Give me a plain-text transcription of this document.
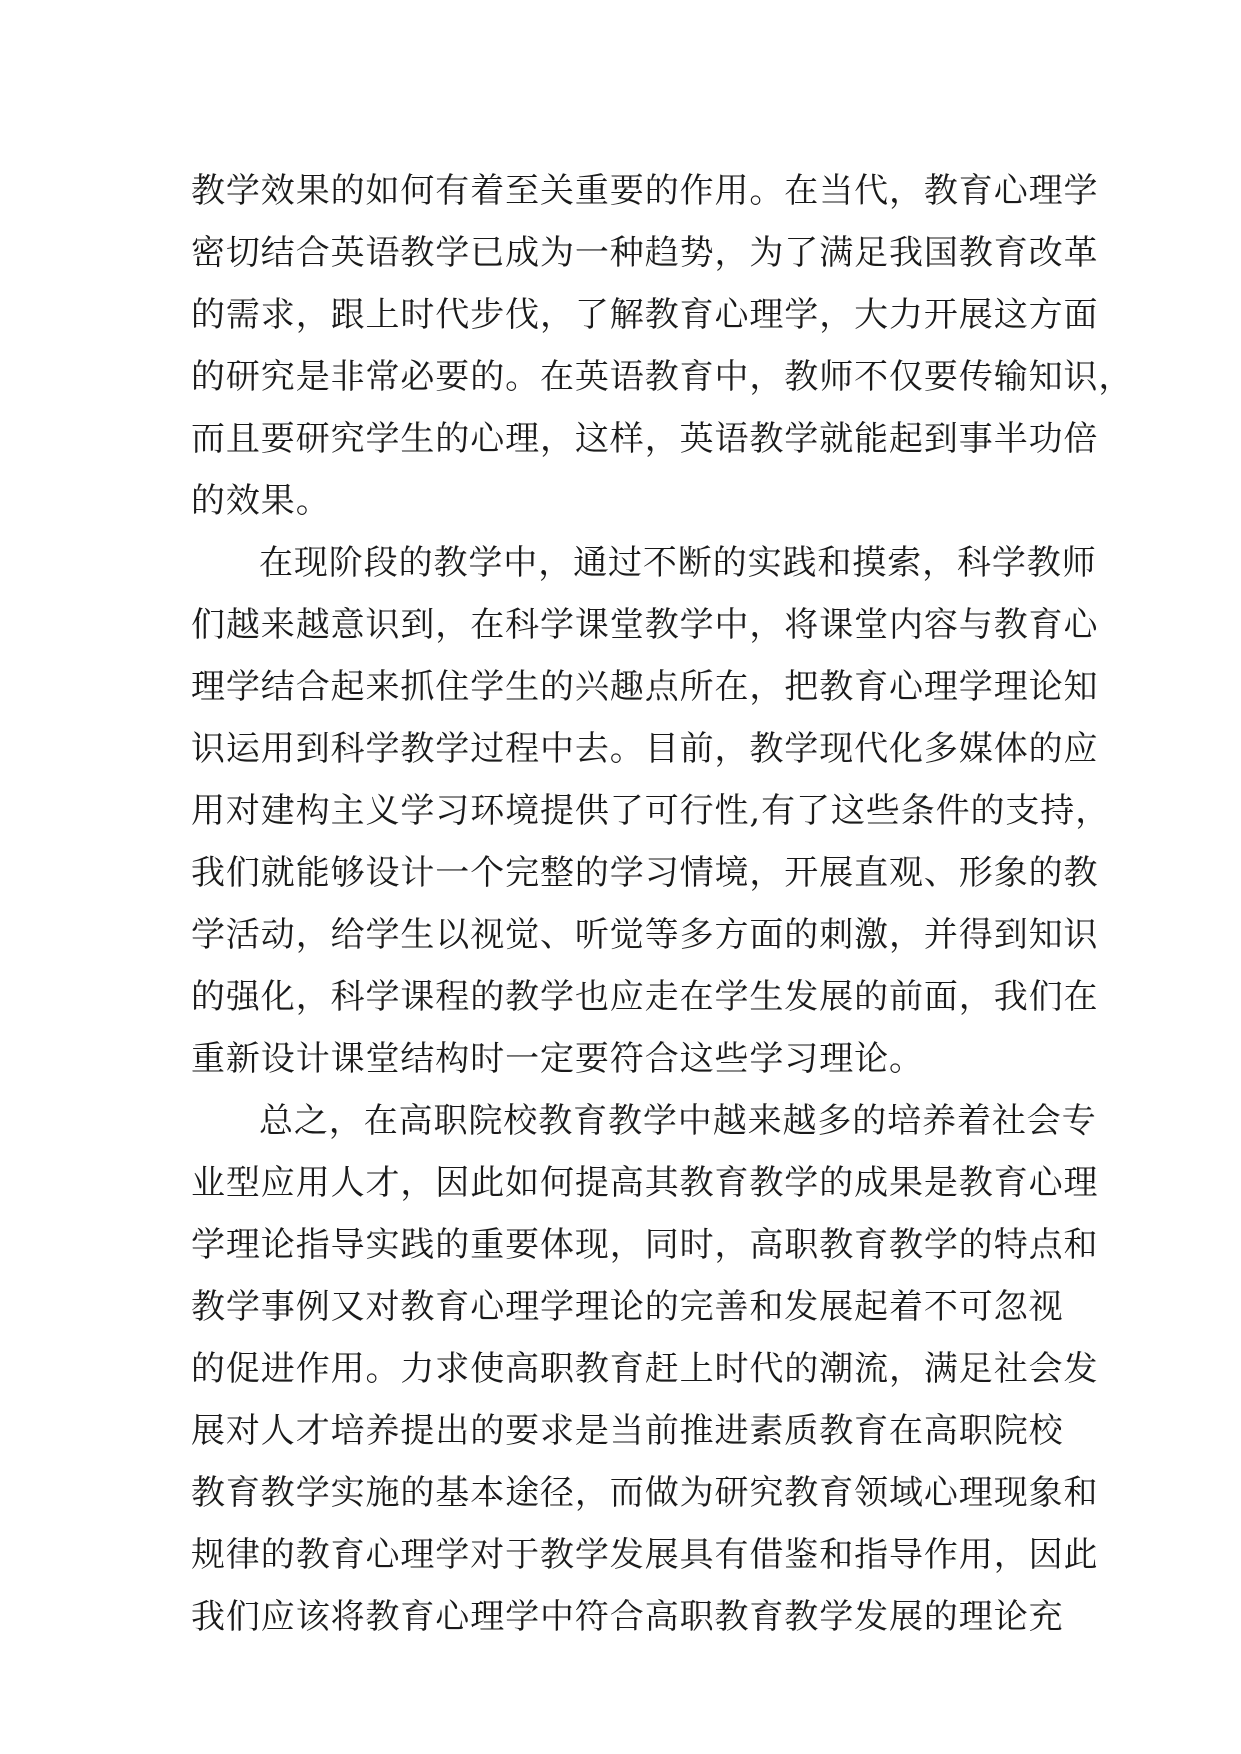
教学效果的如何有着至关重要的作用。在当代，教育心理学
密切结合英语教学已成为一种趋势，为了满足我国教育改革
的需求，跟上时代步伐，了解教育心理学，大力开展这方面
的研究是非常必要的。在英语教育中，教师不仅要传输知识，
而且要研究学生的心理，这样，英语教学就能起到事半功倍
的效果。
在现阶段的教学中，通过不断的实践和摸索，科学教师
们越来越意识到，在科学课堂教学中，将课堂内容与教育心
理学结合起来抓住学生的兴趣点所在，把教育心理学理论知
识运用到科学教学过程中去。目前，教学现代化多媒体的应
用对建构主义学习环境提供了可行性,有了这些条件的支持，
我们就能够设计一个完整的学习情境，开展直观、形象的教
学活动，给学生以视觉、听觉等多方面的刺激，并得到知识
的强化，科学课程的教学也应走在学生发展的前面，我们在
重新设计课堂结构时一定要符合这些学习理论。
总之，在高职院校教育教学中越来越多的培养着社会专
业型应用人才，因此如何提高其教育教学的成果是教育心理
学理论指导实践的重要体现，同时，高职教育教学的特点和
教学事例又对教育心理学理论的完善和发展起着不可忽视
的促进作用。力求使高职教育赶上时代的潮流，满足社会发
展对人才培养提出的要求是当前推进素质教育在高职院校
教育教学实施的基本途径，而做为研究教育领域心理现象和
规律的教育心理学对于教学发展具有借鉴和指导作用，因此
我们应该将教育心理学中符合高职教育教学发展的理论充
